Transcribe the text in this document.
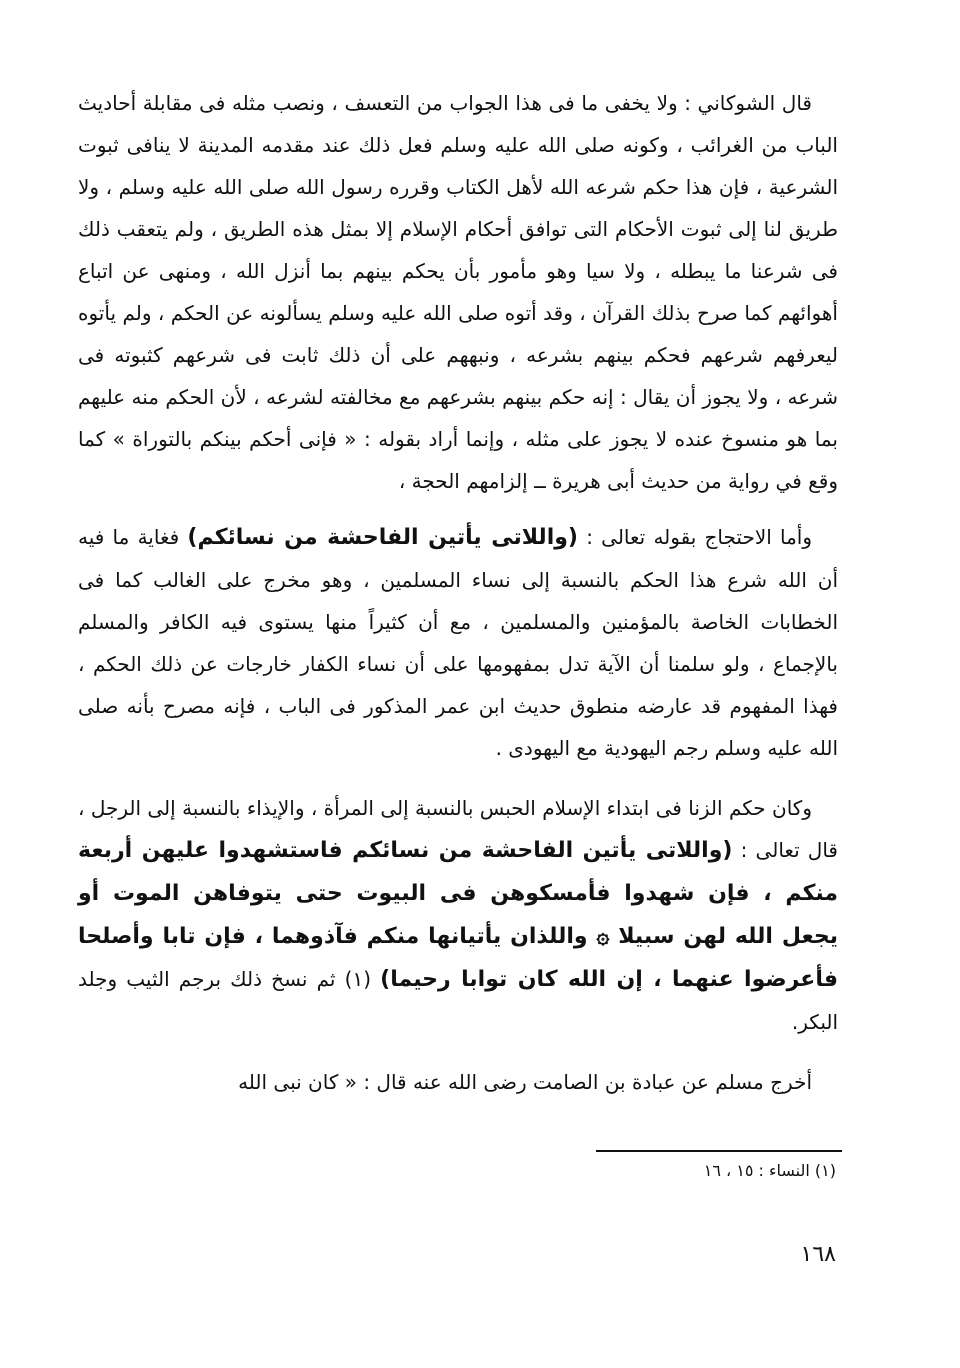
قال الشوكاني : ولا يخفى ما فى هذا الجواب من التعسف ، ونصب مثله فى مقابلة أحاديث الباب من الغرائب ، وكونه صلى الله عليه وسلم فعل ذلك عند مقدمه المدينة لا ينافى ثبوت الشرعية ، فإن هذا حكم شرعه الله لأهل الكتاب وقرره رسول الله صلى الله عليه وسلم ، ولا طريق لنا إلى ثبوت الأحكام التى توافق أحكام الإسلام إلا بمثل هذه الطريق ، ولم يتعقب ذلك فى شرعنا ما يبطله ، ولا سيا وهو مأمور بأن يحكم بينهم بما أنزل الله ، ومنهى عن اتباع أهوائهم كما صرح بذلك القرآن ، وقد أتوه صلى الله عليه وسلم يسألونه عن الحكم ، ولم يأتوه ليعرفهم شرعهم فحكم بينهم بشرعه ، ونبههم على أن ذلك ثابت فى شرعهم كثبوته فى شرعه ، ولا يجوز أن يقال : إنه حكم بينهم بشرعهم مع مخالفته لشرعه ، لأن الحكم منه عليهم بما هو منسوخ عنده لا يجوز على مثله ، وإنما أراد بقوله : « فإنى أحكم بينكم بالتوراة » كما وقع في رواية من حديث أبى هريرة ــ إلزامهم الحجة ،

وأما الاحتجاج بقوله تعالى : (واللاتى يأتين الفاحشة من نسائكم) فغاية ما فيه أن الله شرع هذا الحكم بالنسبة إلى نساء المسلمين ، وهو مخرج على الغالب كما فى الخطابات الخاصة بالمؤمنين والمسلمين ، مع أن كثيراً منها يستوى فيه الكافر والمسلم بالإجماع ، ولو سلمنا أن الآية تدل بمفهومها على أن نساء الكفار خارجات عن ذلك الحكم ، فهذا المفهوم قد عارضه منطوق حديث ابن عمر المذكور فى الباب ، فإنه مصرح بأنه صلى الله عليه وسلم رجم اليهودية مع اليهودى .

وكان حكم الزنا فى ابتداء الإسلام الحبس بالنسبة إلى المرأة ، والإيذاء بالنسبة إلى الرجل ، قال تعالى : (واللاتى يأتين الفاحشة من نسائكم فاستشهدوا عليهن أربعة منكم ، فإن شهدوا فأمسكوهن فى البيوت حتى يتوفاهن الموت أو يجعل الله لهن سبيلا ۞ واللذان يأتيانها منكم فآذوهما ، فإن تابا وأصلحا فأعرضوا عنهما ، إن الله كان توابا رحيما) (١) ثم نسخ ذلك برجم الثيب وجلد البكر.

أخرج مسلم عن عبادة بن الصامت رضى الله عنه قال : « كان نبى الله

(١) النساء : ١٥ ، ١٦
١٦٨
